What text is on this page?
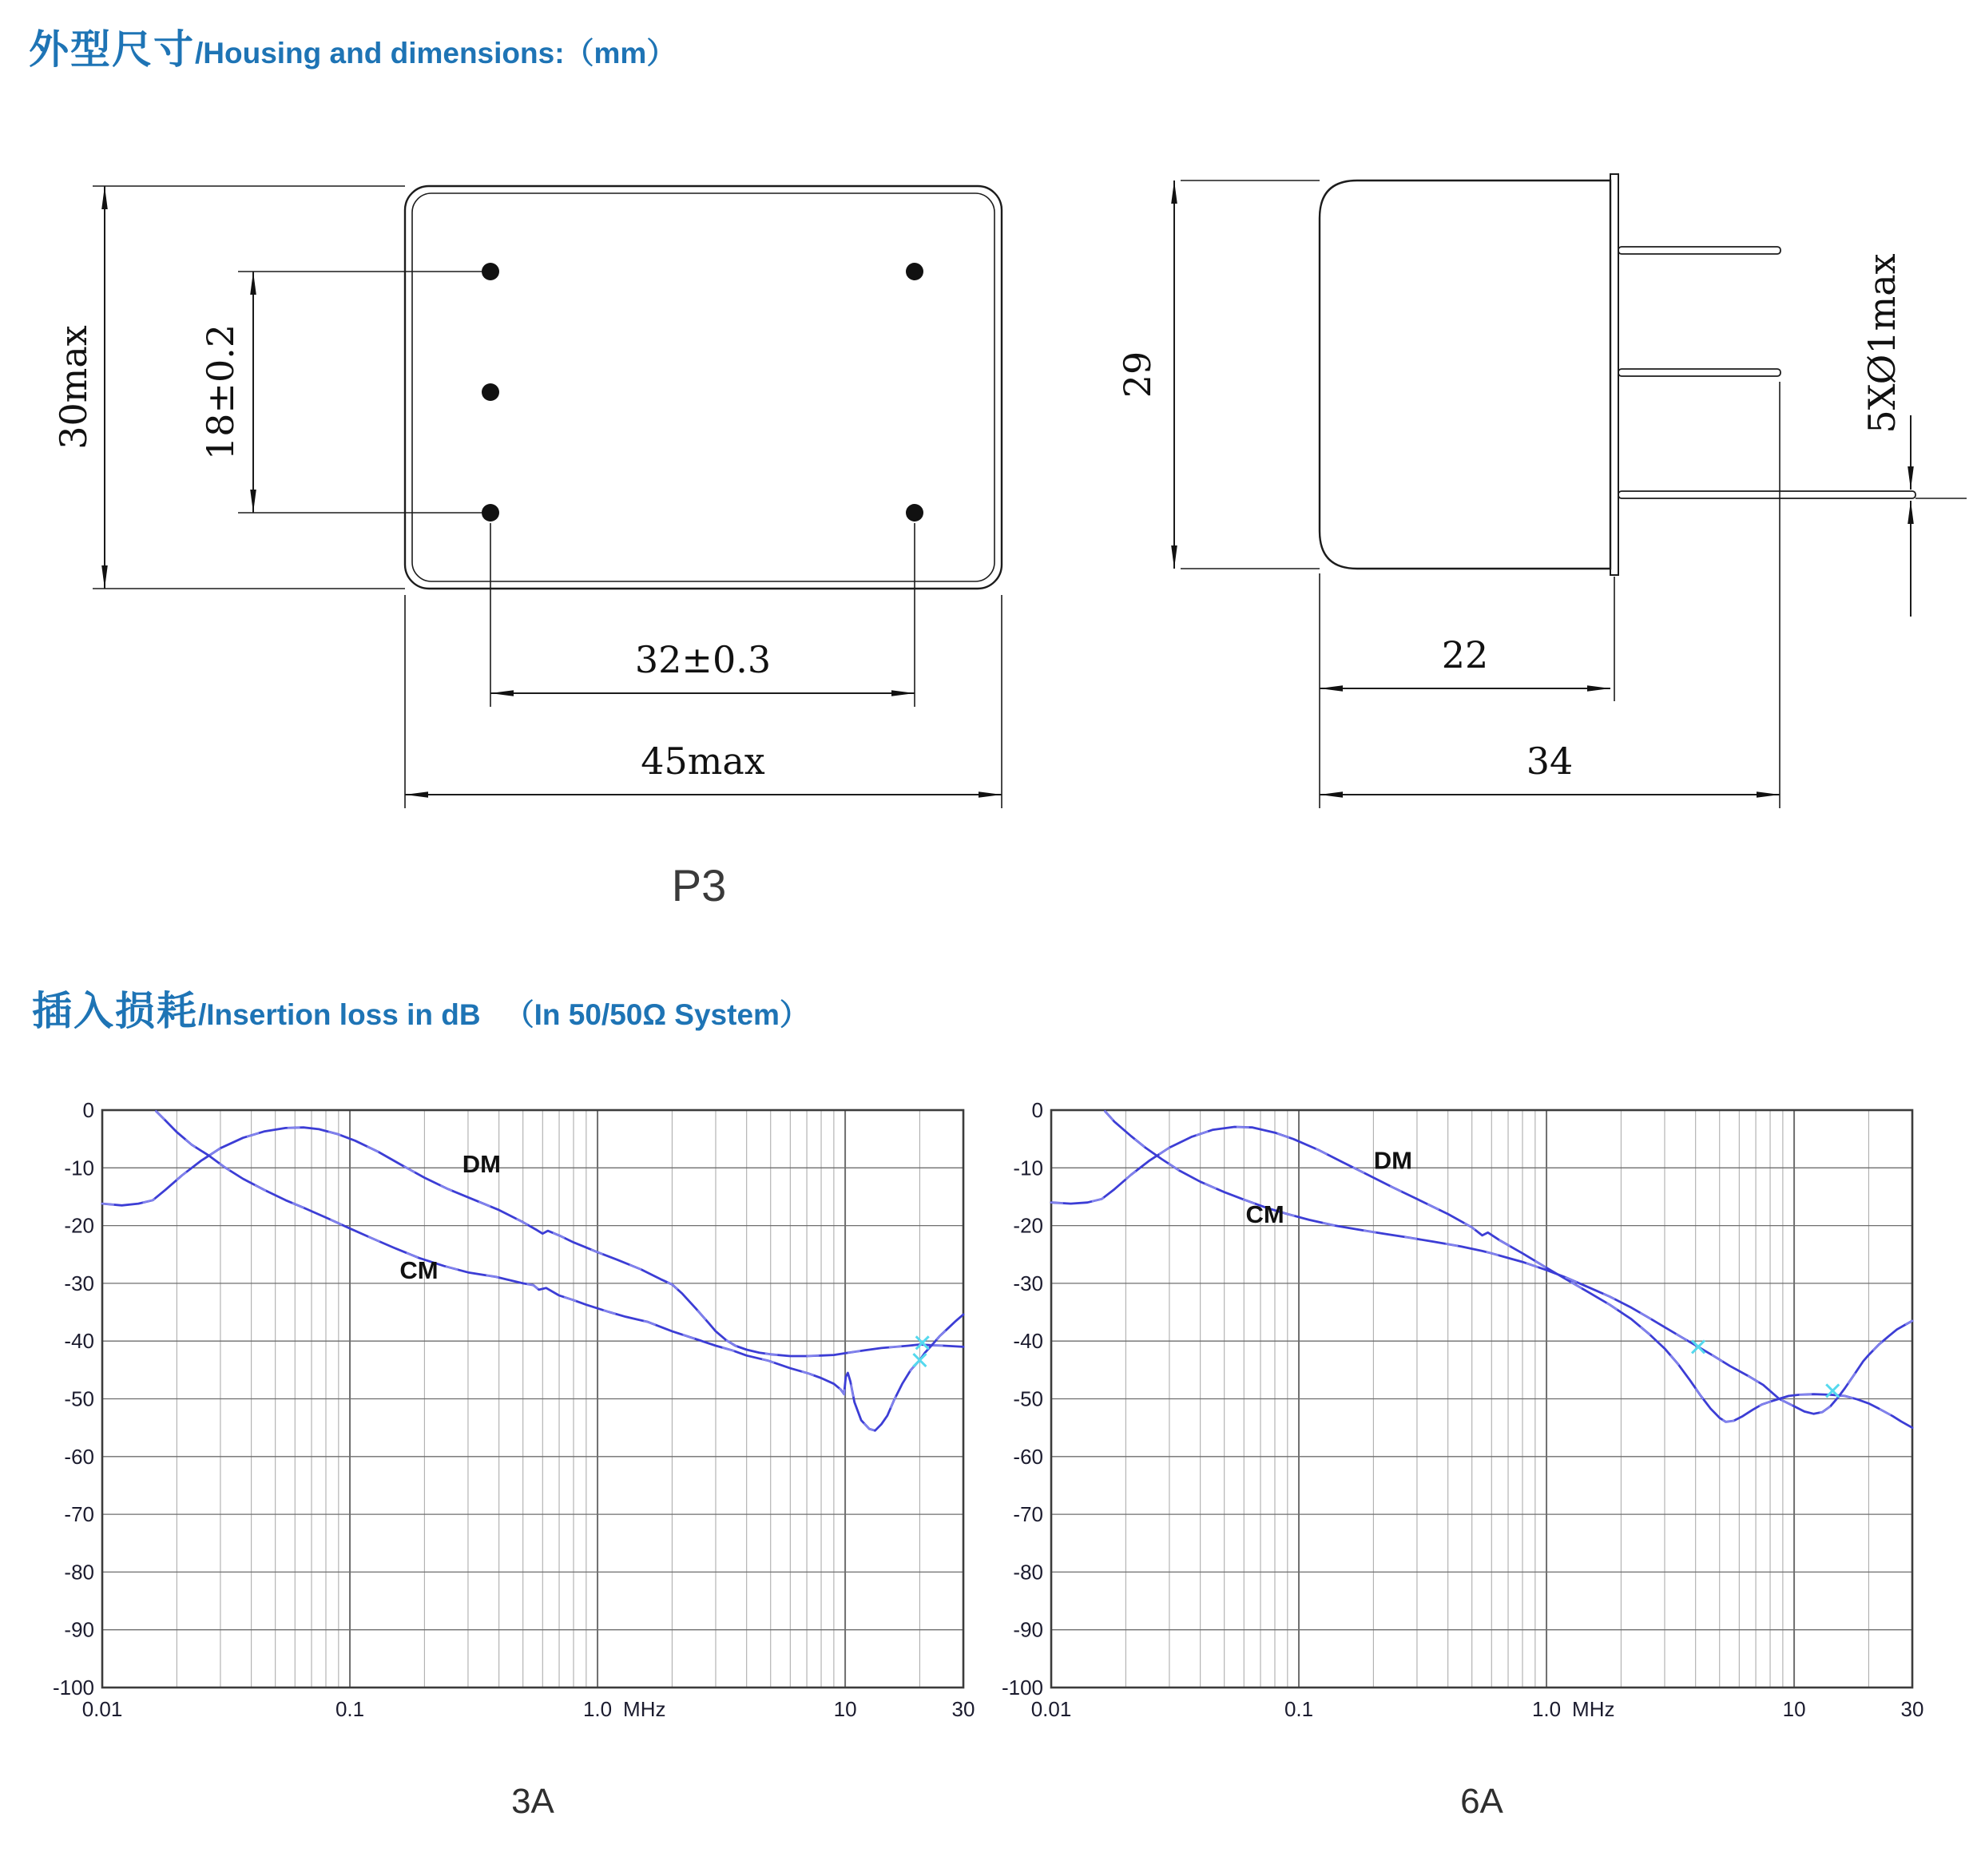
外型尺寸 /Housing and dimensions: （mm）
插入损耗 /Insertion loss in dB （In 50/50Ω System）
30max	18±0.2
32±0.3
45max
P3
29	5XØ1max
22
34
0
-10
-20
-30
-40
-50
-60
-70
-80
-90
-100
0.01	0.1	1.0	10	30
MHz
DM
CM
3A
0
-10
-20
-30
-40
-50
-60
-70
-80
-90
-100
0.01	0.1	1.0	10	30
MHz
DM
CM
6A
